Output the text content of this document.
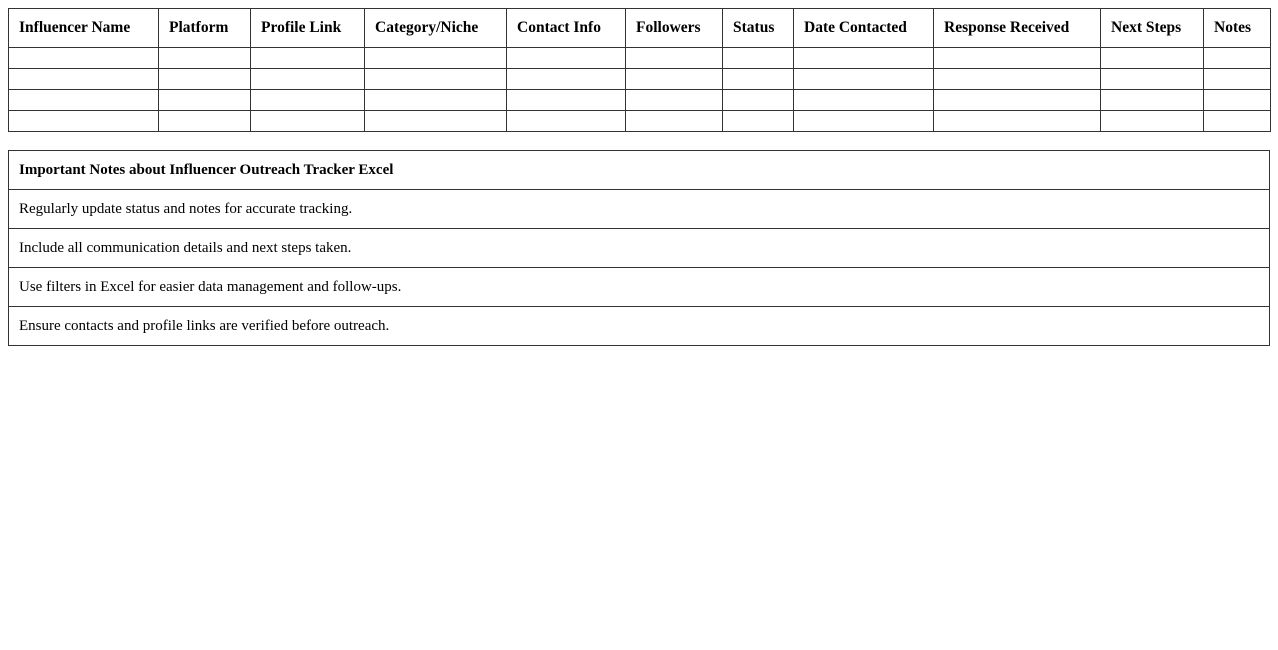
Influencer Name	Platform	Profile Link	Category/Niche	Contact Info	Followers	Status	Date Contacted	Response Received	Next Steps	Notes

Important Notes about Influencer Outreach Tracker Excel
Regularly update status and notes for accurate tracking.
Include all communication details and next steps taken.
Use filters in Excel for easier data management and follow-ups.
Ensure contacts and profile links are verified before outreach.
